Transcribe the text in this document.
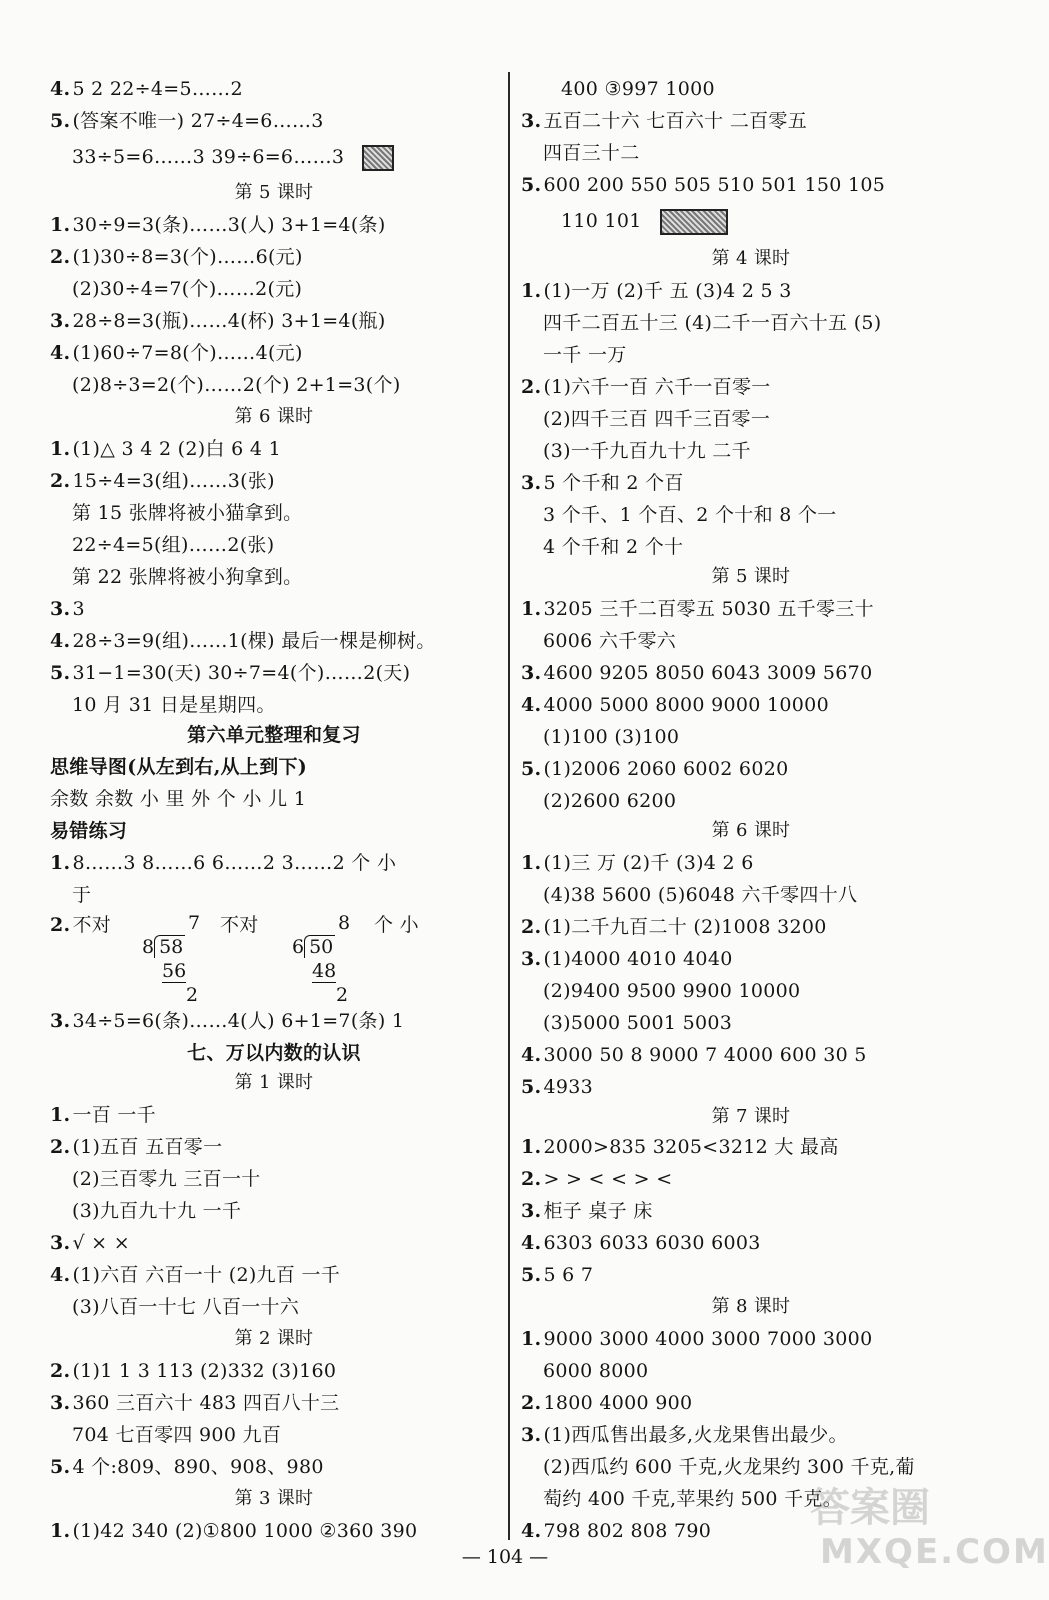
4. 5 2 22÷4=5……2
5. (答案不唯一) 27÷4=6……3
33÷5=6……3 39÷6=6……3
第 5 课时
1. 30÷9=3(条)……3(人) 3+1=4(条)
2. (1)30÷8=3(个)……6(元)
(2)30÷4=7(个)……2(元)
3. 28÷8=3(瓶)……4(杯) 3+1=4(瓶)
4. (1)60÷7=8(个)……4(元)
(2)8÷3=2(个)……2(个) 2+1=3(个)
第 6 课时
1. (1)△ 3 4 2 (2)白 6 4 1
2. 15÷4=3(组)……3(张)
第 15 张牌将被小猫拿到。
22÷4=5(组)……2(张)
第 22 张牌将被小狗拿到。
3. 3
4. 28÷3=9(组)……1(棵) 最后一棵是柳树。
5. 31−1=30(天) 30÷7=4(个)……2(天)
10 月 31 日是星期四。
第六单元整理和复习
思维导图(从左到右,从上到下)
余数 余数 小 里 外 个 小 儿 1
易错练习
1. 8……3 8……6 6……2 3……2 个 小
于
2. 不对	不对	个 小
7
8 58
56
2
8
6 50
48
2
3. 34÷5=6(条)……4(人) 6+1=7(条) 1
七、万以内数的认识
第 1 课时
1. 一百 一千
2. (1)五百 五百零一
(2)三百零九 三百一十
(3)九百九十九 一千
3. √ × ×
4. (1)六百 六百一十 (2)九百 一千
(3)八百一十七 八百一十六
第 2 课时
2. (1)1 1 3 113 (2)332 (3)160
3. 360 三百六十 483 四百八十三
704 七百零四 900 九百
5. 4 个:809、890、908、980
第 3 课时
1. (1)42 340 (2)①800 1000 ②360 390
400 ③997 1000
3. 五百二十六 七百六十 二百零五
四百三十二
5. 600 200 550 505 510 501 150 105
110 101
第 4 课时
1. (1)一万 (2)千 五 (3)4 2 5 3
四千二百五十三 (4)二千一百六十五 (5)
一千 一万
2. (1)六千一百 六千一百零一
(2)四千三百 四千三百零一
(3)一千九百九十九 二千
3. 5 个千和 2 个百
3 个千、1 个百、2 个十和 8 个一
4 个千和 2 个十
第 5 课时
1. 3205 三千二百零五 5030 五千零三十
6006 六千零六
3. 4600 9205 8050 6043 3009 5670
4. 4000 5000 8000 9000 10000
(1)100 (3)100
5. (1)2006 2060 6002 6020
(2)2600 6200
第 6 课时
1. (1)三 万 (2)千 (3)4 2 6
(4)38 5600 (5)6048 六千零四十八
2. (1)二千九百二十 (2)1008 3200
3. (1)4000 4010 4040
(2)9400 9500 9900 10000
(3)5000 5001 5003
4. 3000 50 8 9000 7 4000 600 30 5
5. 4933
第 7 课时
1. 2000>835 3205<3212 大 最高
2. > > < < > <
3. 柜子 桌子 床
4. 6303 6033 6030 6003
5. 5 6 7
第 8 课时
1. 9000 3000 4000 3000 7000 3000
6000 8000
2. 1800 4000 900
3. (1)西瓜售出最多,火龙果售出最少。
(2)西瓜约 600 千克,火龙果约 300 千克,葡
萄约 400 千克,苹果约 500 千克。
4. 798 802 808 790
— 104 —
答案圈
MXQE.COM
